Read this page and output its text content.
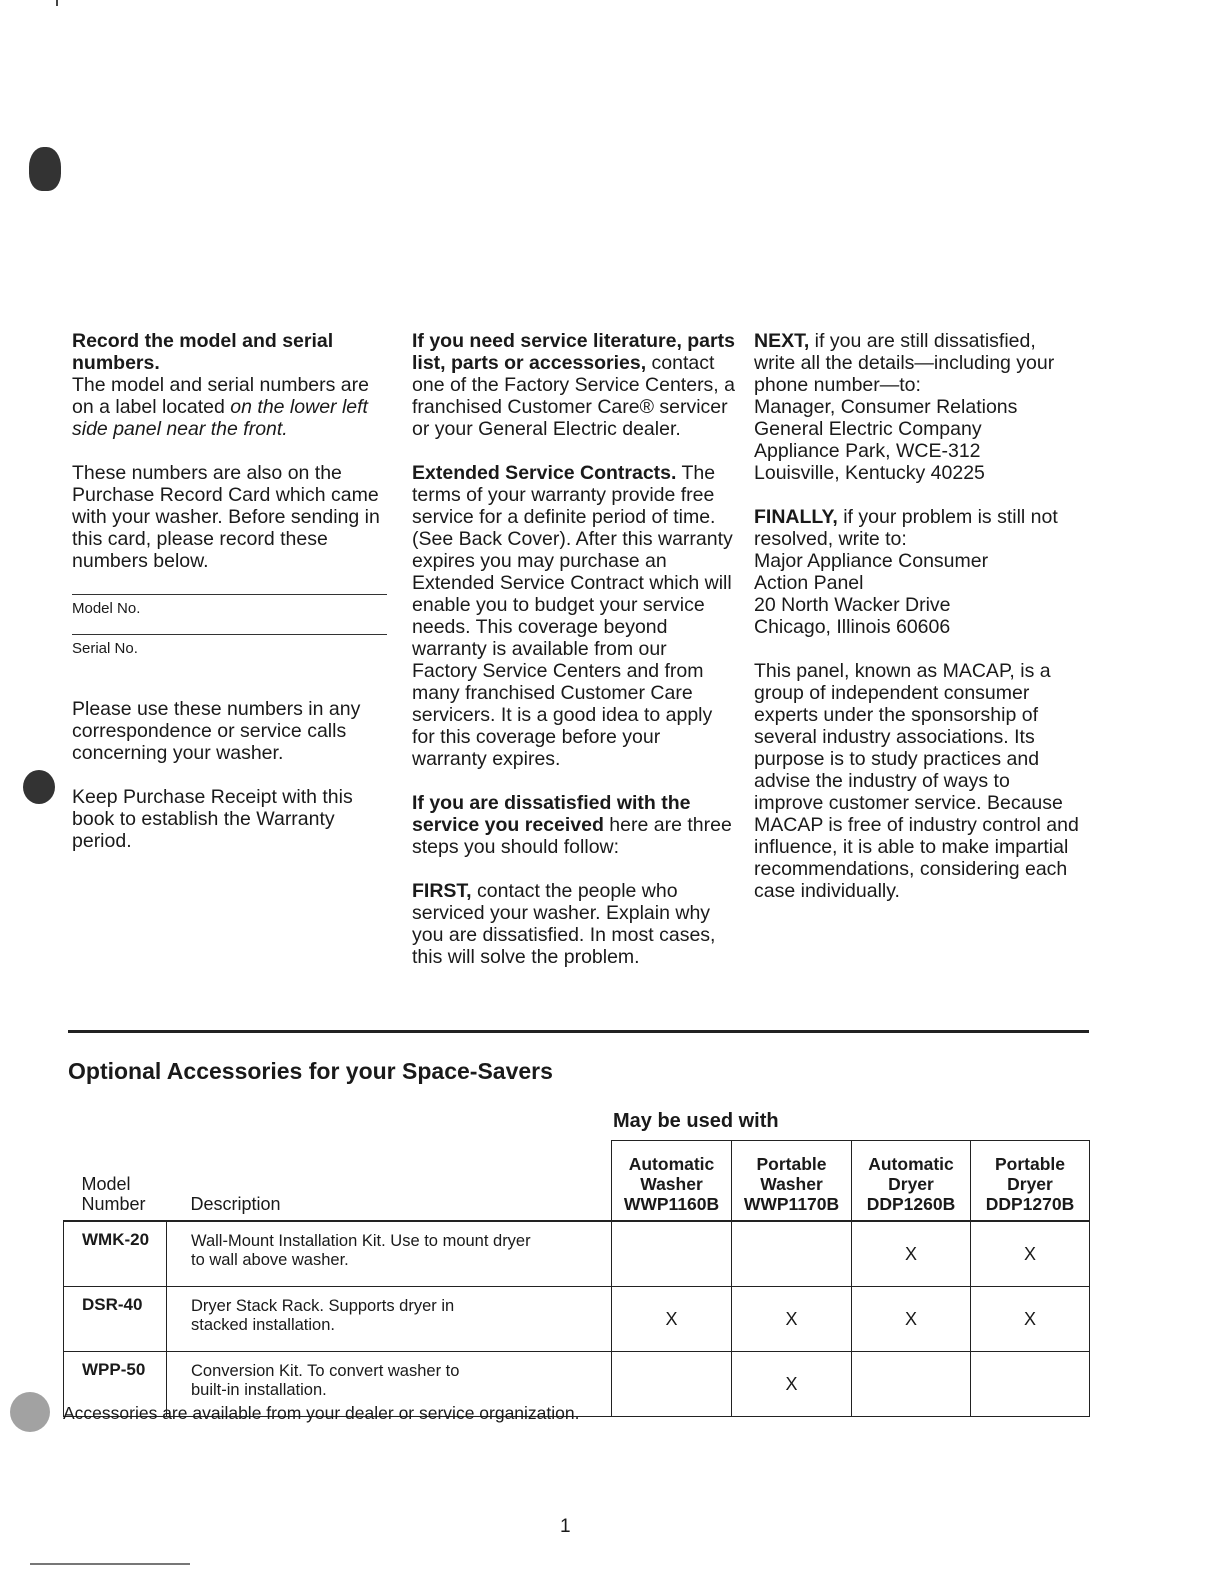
Record the model and serial numbers.

The model and serial numbers are on a label located on the lower left side panel near the front.

These numbers are also on the Purchase Record Card which came with your washer. Before sending in this card, please record these numbers below.

Model No.
Serial No.

Please use these numbers in any correspondence or service calls concerning your washer.

Keep Purchase Receipt with this book to establish the Warranty period.

If you need service literature, parts list, parts or accessories, contact one of the Factory Service Centers, a franchised Customer Care® servicer or your General Electric dealer.

Extended Service Contracts. The terms of your warranty provide free service for a definite period of time. (See Back Cover). After this warranty expires you may purchase an Extended Service Contract which will enable you to budget your service needs. This coverage beyond warranty is available from our Factory Service Centers and from many franchised Customer Care servicers. It is a good idea to apply for this coverage before your warranty expires.

If you are dissatisfied with the service you received here are three steps you should follow:

FIRST, contact the people who serviced your washer. Explain why you are dissatisfied. In most cases, this will solve the problem.

NEXT, if you are still dissatisfied, write all the details—including your phone number—to:
Manager, Consumer Relations
General Electric Company
Appliance Park, WCE-312
Louisville, Kentucky 40225

FINALLY, if your problem is still not resolved, write to:
Major Appliance Consumer
Action Panel
20 North Wacker Drive
Chicago, Illinois 60606

This panel, known as MACAP, is a group of independent consumer experts under the sponsorship of several industry associations. Its purpose is to study practices and advise the industry of ways to improve customer service. Because MACAP is free of industry control and influence, it is able to make impartial recommendations, considering each case individually.

Optional Accessories for your Space-Savers
May be used with
Model
Number	Description	Automatic
Washer
WWP1160B	Portable
Washer
WWP1170B	Automatic
Dryer
DDP1260B	Portable
Dryer
DDP1270B
WMK-20	Wall-Mount Installation Kit. Use to mount dryer
to wall above washer.			X	X
DSR-40	Dryer Stack Rack. Supports dryer in
stacked installation.	X	X	X	X
WPP-50	Conversion Kit. To convert washer to
built-in installation.		X		
Accessories are available from your dealer or service organization.
1
